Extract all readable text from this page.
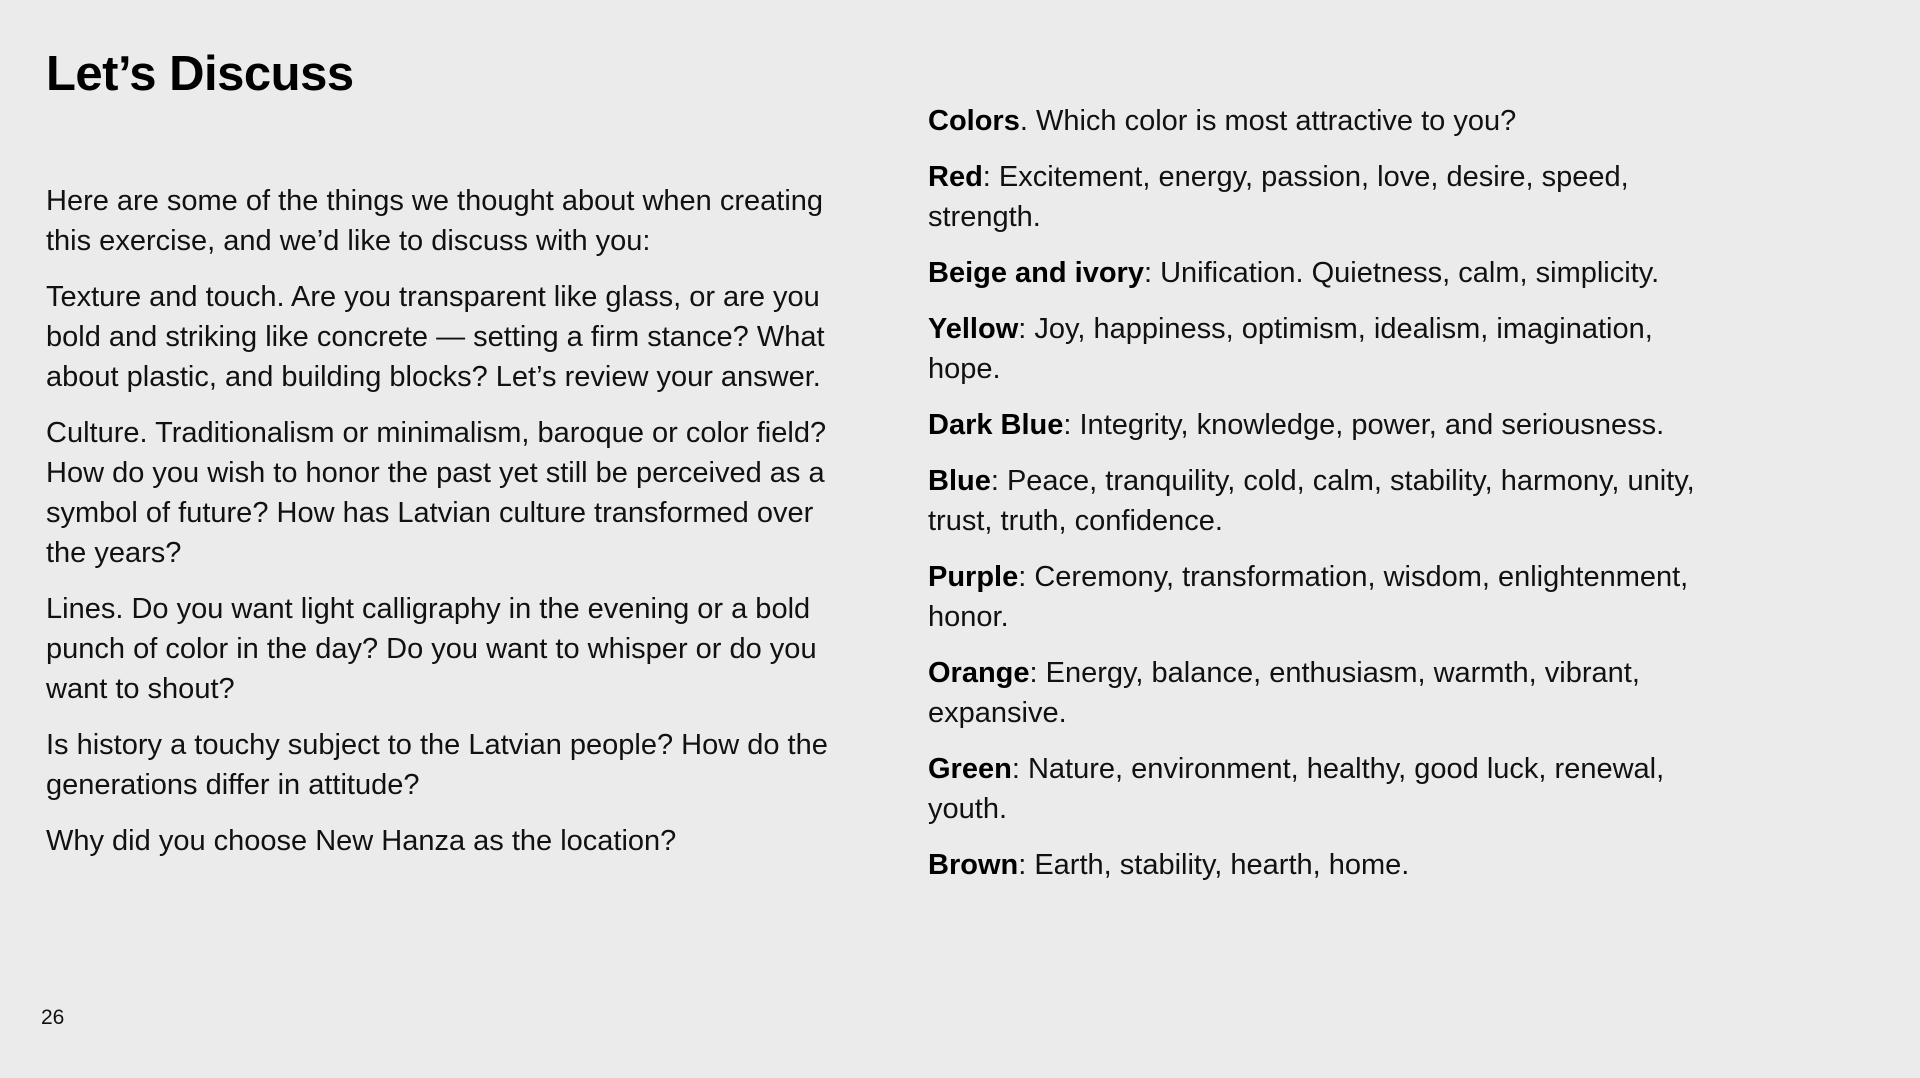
Let’s Discuss

Here are some of the things we thought about when creating this exercise, and we’d like to discuss with you:

Texture and touch. Are you transparent like glass, or are you bold and striking like concrete — setting a firm stance? What about plastic, and building blocks? Let’s review your answer.

Culture. Traditionalism or minimalism, baroque or color field? How do you wish to honor the past yet still be perceived as a symbol of future? How has Latvian culture transformed over the years?

Lines. Do you want light calligraphy in the evening or a bold punch of color in the day? Do you want to whisper or do you want to shout?

Is history a touchy subject to the Latvian people? How do the generations differ in attitude?

Why did you choose New Hanza as the location?

Colors. Which color is most attractive to you?

Red: Excitement, energy, passion, love, desire, speed, strength.

Beige and ivory: Unification. Quietness, calm, simplicity.

Yellow: Joy, happiness, optimism, idealism, imagination, hope.

Dark Blue: Integrity, knowledge, power, and seriousness.

Blue: Peace, tranquility, cold, calm, stability, harmony, unity, trust, truth, confidence.

Purple: Ceremony, transformation, wisdom, enlightenment, honor.

Orange: Energy, balance, enthusiasm, warmth, vibrant, expansive.

Green: Nature, environment, healthy, good luck, renewal, youth.

Brown: Earth, stability, hearth, home.

26
